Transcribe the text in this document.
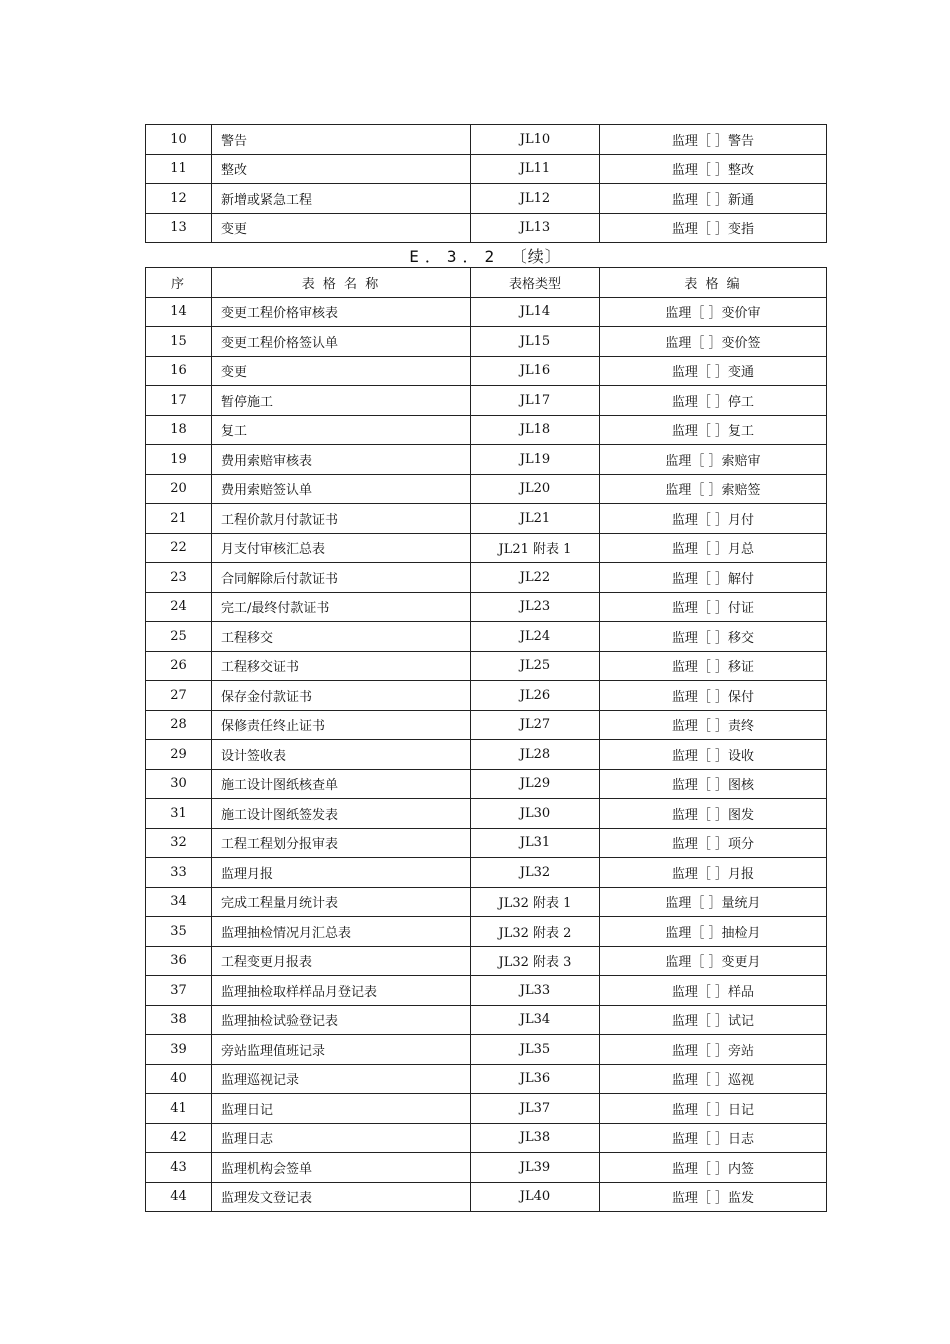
10	警告	JL10	监理［ ］警告
11	整改	JL11	监理［ ］整改
12	新增或紧急工程	JL12	监理［ ］新通
13	变更	JL13	监理［ ］变指
E．3．2 〔续〕
序	表 格 名 称	表格类型	表 格 编
14	变更工程价格审核表	JL14	监理［ ］变价审
15	变更工程价格签认单	JL15	监理［ ］变价签
16	变更	JL16	监理［ ］变通
17	暂停施工	JL17	监理［ ］停工
18	复工	JL18	监理［ ］复工
19	费用索赔审核表	JL19	监理［ ］索赔审
20	费用索赔签认单	JL20	监理［ ］索赔签
21	工程价款月付款证书	JL21	监理［ ］月付
22	月支付审核汇总表	JL21 附表 1	监理［ ］月总
23	合同解除后付款证书	JL22	监理［ ］解付
24	完工/最终付款证书	JL23	监理［ ］付证
25	工程移交	JL24	监理［ ］移交
26	工程移交证书	JL25	监理［ ］移证
27	保存金付款证书	JL26	监理［ ］保付
28	保修责任终止证书	JL27	监理［ ］责终
29	设计签收表	JL28	监理［ ］设收
30	施工设计图纸核查单	JL29	监理［ ］图核
31	施工设计图纸签发表	JL30	监理［ ］图发
32	工程工程划分报审表	JL31	监理［ ］项分
33	监理月报	JL32	监理［ ］月报
34	完成工程量月统计表	JL32 附表 1	监理［ ］量统月
35	监理抽检情况月汇总表	JL32 附表 2	监理［ ］抽检月
36	工程变更月报表	JL32 附表 3	监理［ ］变更月
37	监理抽检取样样品月登记表	JL33	监理［ ］样品
38	监理抽检试验登记表	JL34	监理［ ］试记
39	旁站监理值班记录	JL35	监理［ ］旁站
40	监理巡视记录	JL36	监理［ ］巡视
41	监理日记	JL37	监理［ ］日记
42	监理日志	JL38	监理［ ］日志
43	监理机构会签单	JL39	监理［ ］内签
44	监理发文登记表	JL40	监理［ ］监发
